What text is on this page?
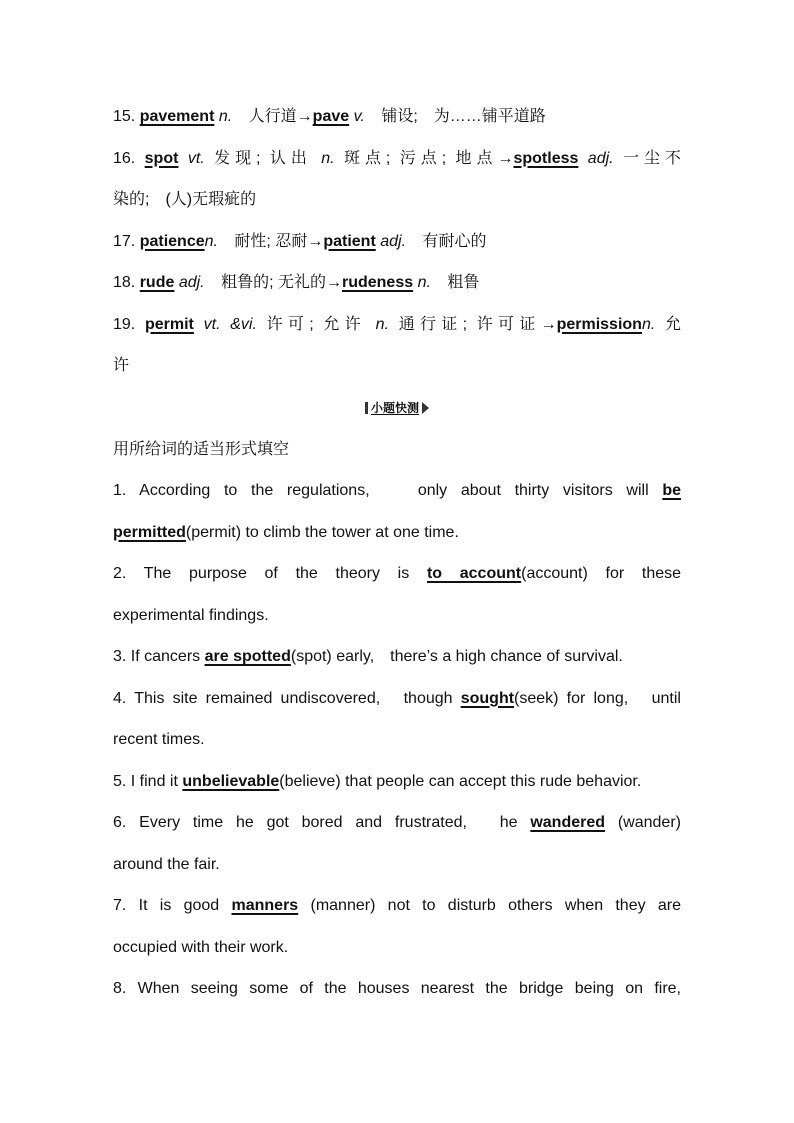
15. pavement n. 人行道→pave v. 铺设;　为……铺平道路
16. spot vt. 发现; 认出 n. 斑点; 污点; 地点→spotless adj. 一尘不
染的;　(人)无瑕疵的
17. patiencen. 耐性; 忍耐→patient adj. 有耐心的
18. rude adj. 粗鲁的; 无礼的→rudeness n. 粗鲁
19. permit vt. &vi. 许可; 允许 n. 通行证; 许可证→permissionn. 允
许
小题快测
用所给词的适当形式填空
1. According to the regulations,　 only about thirty visitors will be
permitted(permit) to climb the tower at one time.
2. The purpose of the theory is to account(account) for these
experimental findings.
3. If cancers are spotted(spot) early,　there’s a high chance of survival.
4. This site remained undiscovered,　though sought(seek) for long,　until
recent times.
5. I find it unbelievable(believe) that people can accept this rude behavior.
6. Every time he got bored and frustrated,　he wandered (wander)
around the fair.
7. It is good manners (manner) not to disturb others when they are
occupied with their work.
8. When seeing some of the houses nearest the bridge being on fire,
